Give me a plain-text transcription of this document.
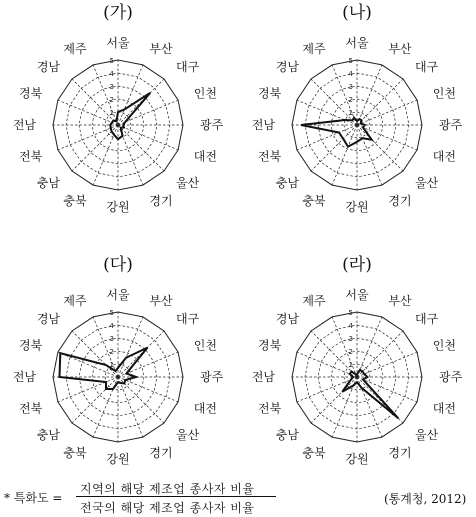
(가)
1
2
3
4
5
서울 부산
대구
인천
광주
대전
울산
경기
강원
충북
충남
전북
전남
경북
경남
제주
(나)
1
2
3
4
5
서울 부산
대구
인천
광주
대전
울산
경기
강원
충북
충남
전북
전남
경북
경남
제주
(다)
1
2
3
4
5
서울 부산
대구
인천
광주
대전
울산
경기
강원
충북
충남
전북
전남
경북
경남
제주
(라)
1
2
3
4
5
서울 부산
대구
인천
광주
대전
울산
경기
강원
충북
충남
전북
전남
경북
경남
제주
* 특화도 =
지역의 해당 제조업 종사자 비율
전국의 해당 제조업 종사자 비율
(통계청, 2012)
